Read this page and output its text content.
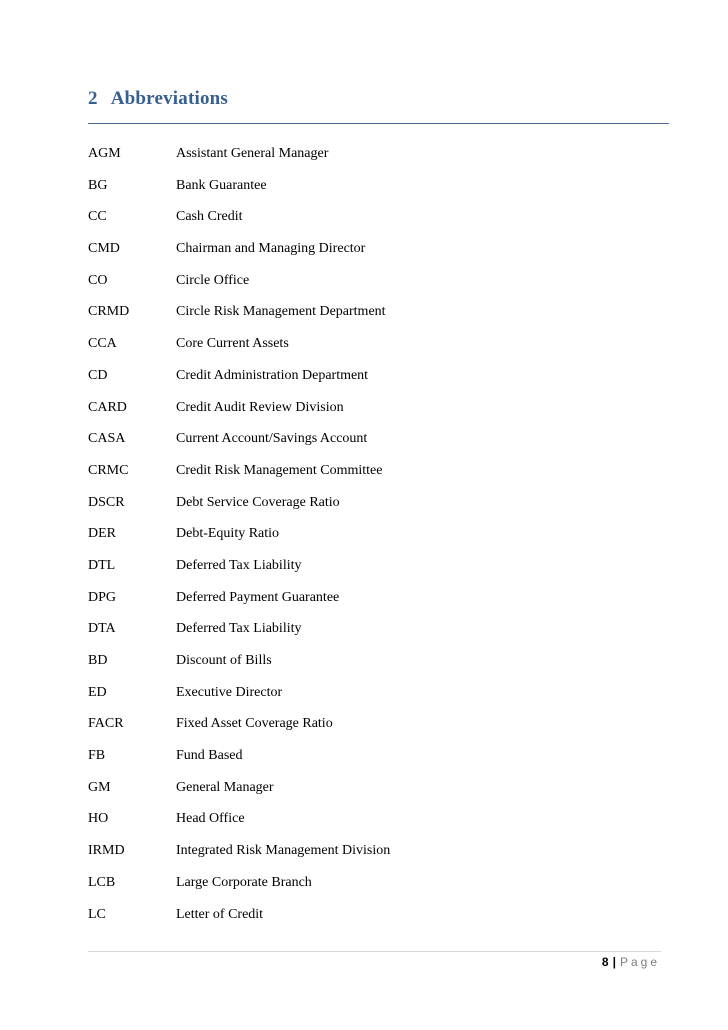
2 Abbreviations
AGM	Assistant General Manager
BG	Bank Guarantee
CC	Cash Credit
CMD	Chairman and Managing Director
CO	Circle Office
CRMD	Circle Risk Management Department
CCA	Core Current Assets
CD	Credit Administration Department
CARD	Credit Audit Review Division
CASA	Current Account/Savings Account
CRMC	Credit Risk Management Committee
DSCR	Debt Service Coverage Ratio
DER	Debt-Equity Ratio
DTL	Deferred Tax Liability
DPG	Deferred Payment Guarantee
DTA	Deferred Tax Liability
BD	Discount of Bills
ED	Executive Director
FACR	Fixed Asset Coverage Ratio
FB	Fund Based
GM	General Manager
HO	Head Office
IRMD	Integrated Risk Management Division
LCB	Large Corporate Branch
LC	Letter of Credit
8 | Page
